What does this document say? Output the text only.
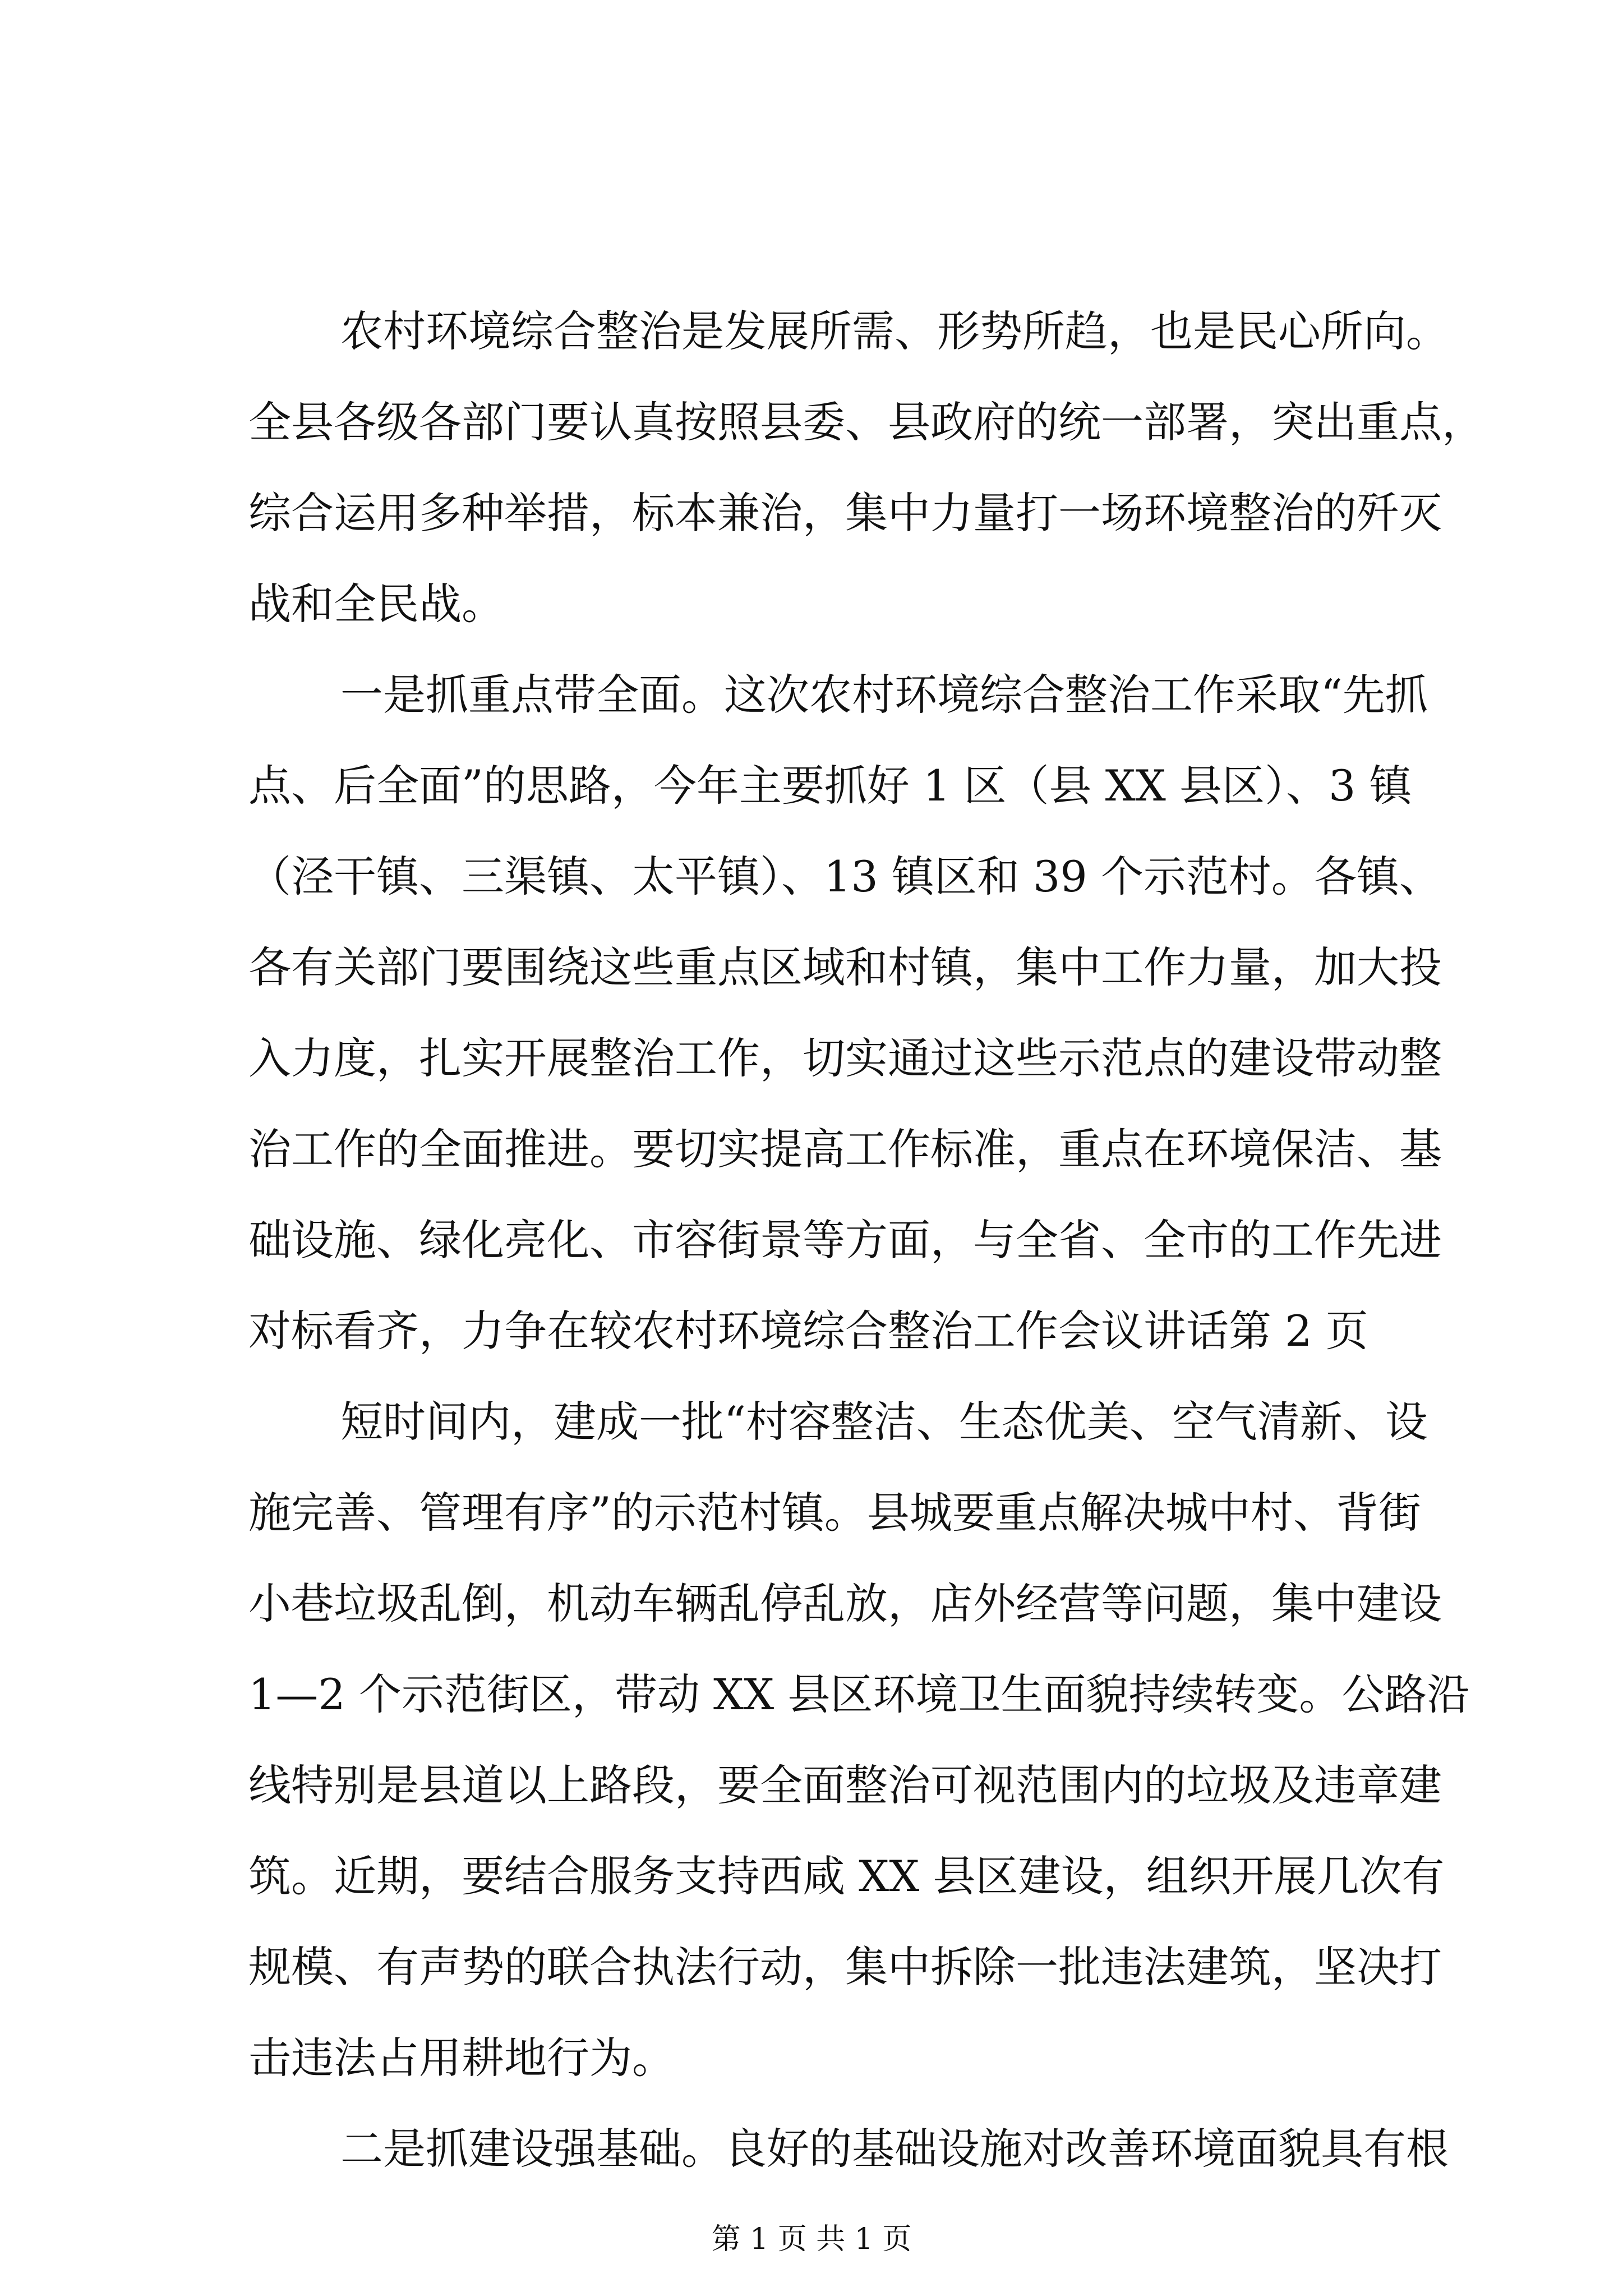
农村环境综合整治是发展所需、形势所趋，也是民心所向。
全县各级各部门要认真按照县委、县政府的统一部署，突出重点，
综合运用多种举措，标本兼治，集中力量打一场环境整治的歼灭
战和全民战。
一是抓重点带全面。这次农村环境综合整治工作采取“先抓
点、后全面”的思路，今年主要抓好 1 区（县 XX 县区）、3 镇
（泾干镇、三渠镇、太平镇）、13 镇区和 39 个示范村。各镇、
各有关部门要围绕这些重点区域和村镇，集中工作力量，加大投
入力度，扎实开展整治工作，切实通过这些示范点的建设带动整
治工作的全面推进。要切实提高工作标准，重点在环境保洁、基
础设施、绿化亮化、市容街景等方面，与全省、全市的工作先进
对标看齐，力争在较农村环境综合整治工作会议讲话第 2 页
短时间内，建成一批“村容整洁、生态优美、空气清新、设
施完善、管理有序”的示范村镇。县城要重点解决城中村、背街
小巷垃圾乱倒，机动车辆乱停乱放，店外经营等问题，集中建设
1—2 个示范街区，带动 XX 县区环境卫生面貌持续转变。公路沿
线特别是县道以上路段，要全面整治可视范围内的垃圾及违章建
筑。近期，要结合服务支持西咸 XX 县区建设，组织开展几次有
规模、有声势的联合执法行动，集中拆除一批违法建筑，坚决打
击违法占用耕地行为。
二是抓建设强基础。良好的基础设施对改善环境面貌具有根
第 1 页 共 1 页
